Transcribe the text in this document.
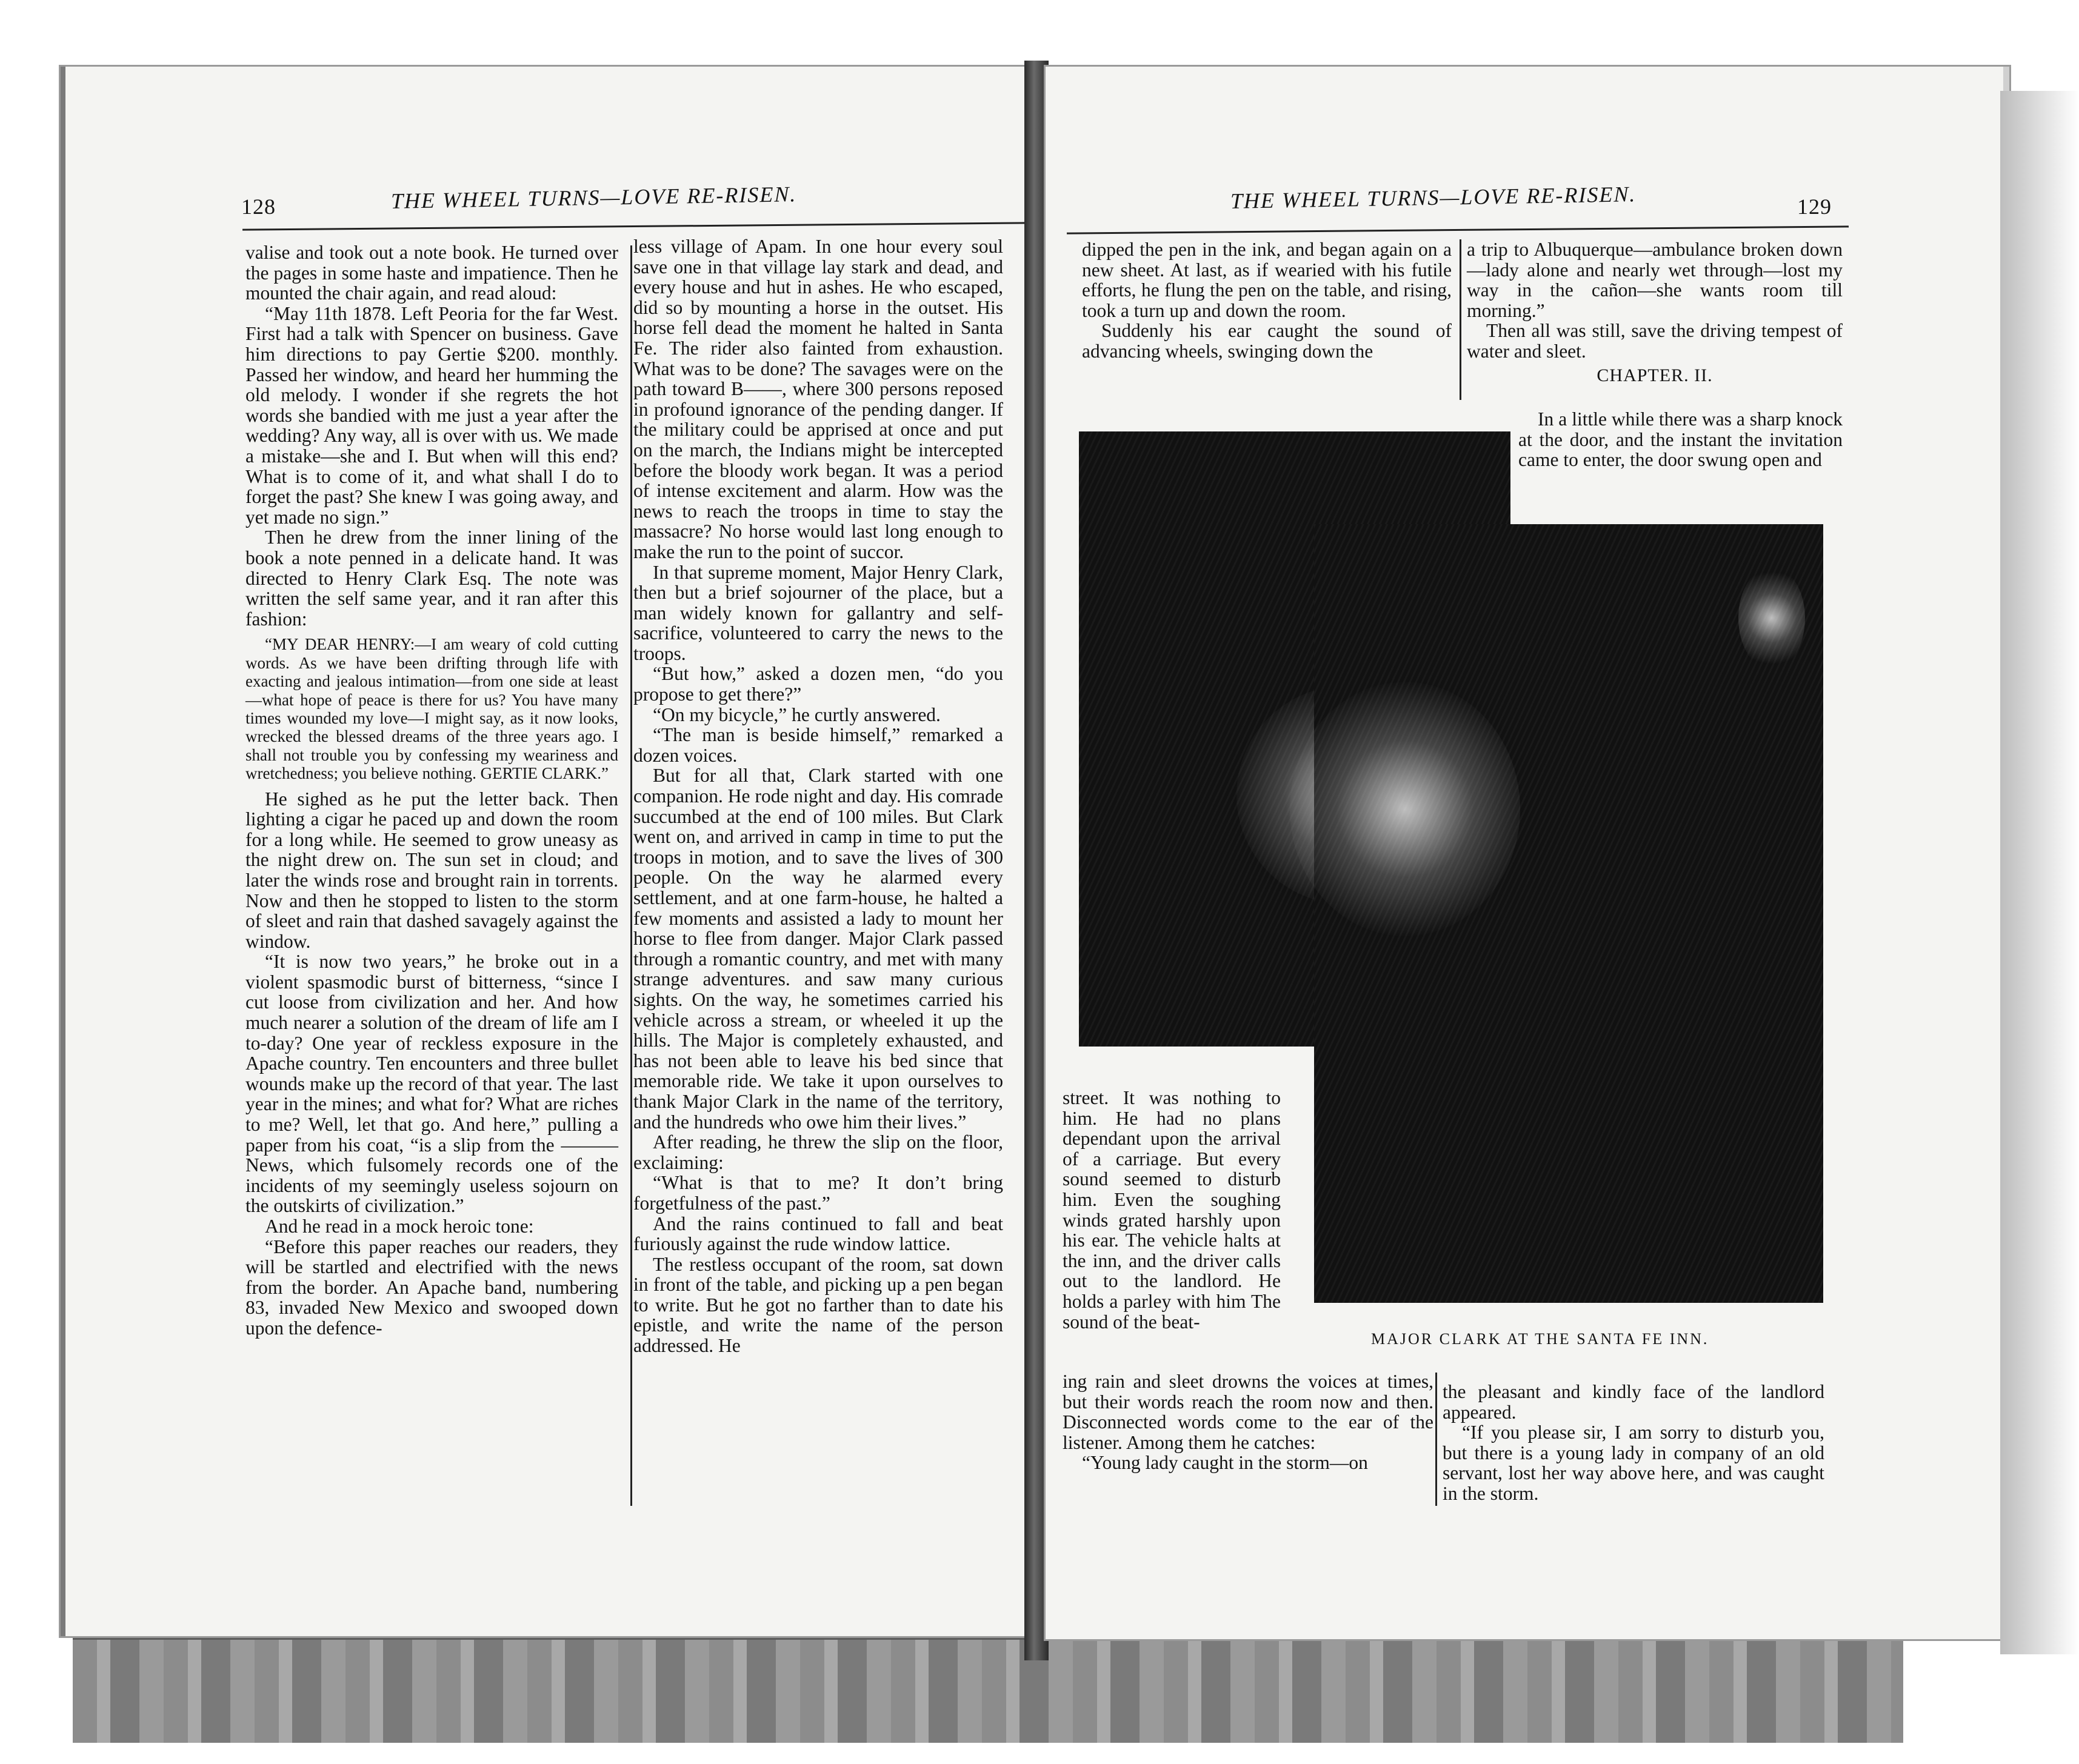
128	THE WHEEL TURNS—LOVE RE-RISEN.

valise and took out a note book. He turned over the pages in some haste and impatience. Then he mounted the chair again, and read aloud:

“May 11th 1878. Left Peoria for the far West. First had a talk with Spencer on business. Gave him directions to pay Gertie $200. monthly. Passed her window, and heard her humming the old melody. I wonder if she regrets the hot words she bandied with me just a year after the wedding? Any way, all is over with us. We made a mistake—she and I. But when will this end? What is to come of it, and what shall I do to forget the past? She knew I was going away, and yet made no sign.”

Then he drew from the inner lining of the book a note penned in a delicate hand. It was directed to Henry Clark Esq. The note was written the self same year, and it ran after this fashion:

“MY DEAR HENRY:—I am weary of cold cutting words. As we have been drifting through life with exacting and jealous intimation—from one side at least—what hope of peace is there for us? You have many times wounded my love—I might say, as it now looks, wrecked the blessed dreams of the three years ago. I shall not trouble you by confessing my weariness and wretchedness; you believe nothing. GERTIE CLARK.”

He sighed as he put the letter back. Then lighting a cigar he paced up and down the room for a long while. He seemed to grow uneasy as the night drew on. The sun set in cloud; and later the winds rose and brought rain in torrents. Now and then he stopped to listen to the storm of sleet and rain that dashed savagely against the window.

“It is now two years,” he broke out in a violent spasmodic burst of bitterness, “since I cut loose from civilization and her. And how much nearer a solution of the dream of life am I to-day? One year of reckless exposure in the Apache country. Ten encounters and three bullet wounds make up the record of that year. The last year in the mines; and what for? What are riches to me? Well, let that go. And here,” pulling a paper from his coat, “is a slip from the ——— News, which fulsomely records one of the incidents of my seemingly useless sojourn on the outskirts of civilization.”

And he read in a mock heroic tone:

“Before this paper reaches our readers, they will be startled and electrified with the news from the border. An Apache band, numbering 83, invaded New Mexico and swooped down upon the defence-

less village of Apam. In one hour every soul save one in that village lay stark and dead, and every house and hut in ashes. He who escaped, did so by mounting a horse in the outset. His horse fell dead the moment he halted in Santa Fe. The rider also fainted from exhaustion. What was to be done? The savages were on the path toward B——, where 300 persons reposed in profound ignorance of the pending danger. If the military could be apprised at once and put on the march, the Indians might be intercepted before the bloody work began. It was a period of intense excitement and alarm. How was the news to reach the troops in time to stay the massacre? No horse would last long enough to make the run to the point of succor.

In that supreme moment, Major Henry Clark, then but a brief sojourner of the place, but a man widely known for gallantry and self-sacrifice, volunteered to carry the news to the troops.

“But how,” asked a dozen men, “do you propose to get there?”

“On my bicycle,” he curtly answered.

“The man is beside himself,” remarked a dozen voices.

But for all that, Clark started with one companion. He rode night and day. His comrade succumbed at the end of 100 miles. But Clark went on, and arrived in camp in time to put the troops in motion, and to save the lives of 300 people. On the way he alarmed every settlement, and at one farm-house, he halted a few moments and assisted a lady to mount her horse to flee from danger. Major Clark passed through a romantic country, and met with many strange adventures. and saw many curious sights. On the way, he sometimes carried his vehicle across a stream, or wheeled it up the hills. The Major is completely exhausted, and has not been able to leave his bed since that memorable ride. We take it upon ourselves to thank Major Clark in the name of the territory, and the hundreds who owe him their lives.”

After reading, he threw the slip on the floor, exclaiming:

“What is that to me? It don’t bring forgetfulness of the past.”

And the rains continued to fall and beat furiously against the rude window lattice.

The restless occupant of the room, sat down in front of the table, and picking up a pen began to write. But he got no farther than to date his epistle, and write the name of the person addressed. He

THE WHEEL TURNS—LOVE RE-RISEN.	129

dipped the pen in the ink, and began again on a new sheet. At last, as if wearied with his futile efforts, he flung the pen on the table, and rising, took a turn up and down the room.

Suddenly his ear caught the sound of advancing wheels, swinging down the

a trip to Albuquerque—ambulance broken down—lady alone and nearly wet through—lost my way in the cañon—she wants room till morning.”

Then all was still, save the driving tempest of water and sleet.

CHAPTER. II.

In a little while there was a sharp knock at the door, and the instant the invitation came to enter, the door swung open and

street. It was nothing to him. He had no plans dependant upon the arrival of a carriage. But every sound seemed to disturb him. Even the soughing winds grated harshly upon his ear. The vehicle halts at the inn, and the driver calls out to the landlord. He holds a parley with him The sound of the beat-

MAJOR CLARK AT THE SANTA FE INN.

ing rain and sleet drowns the voices at times, but their words reach the room now and then. Disconnected words come to the ear of the listener. Among them he catches:

“Young lady caught in the storm—on

the pleasant and kindly face of the landlord appeared.

“If you please sir, I am sorry to disturb you, but there is a young lady in company of an old servant, lost her way above here, and was caught in the storm.
